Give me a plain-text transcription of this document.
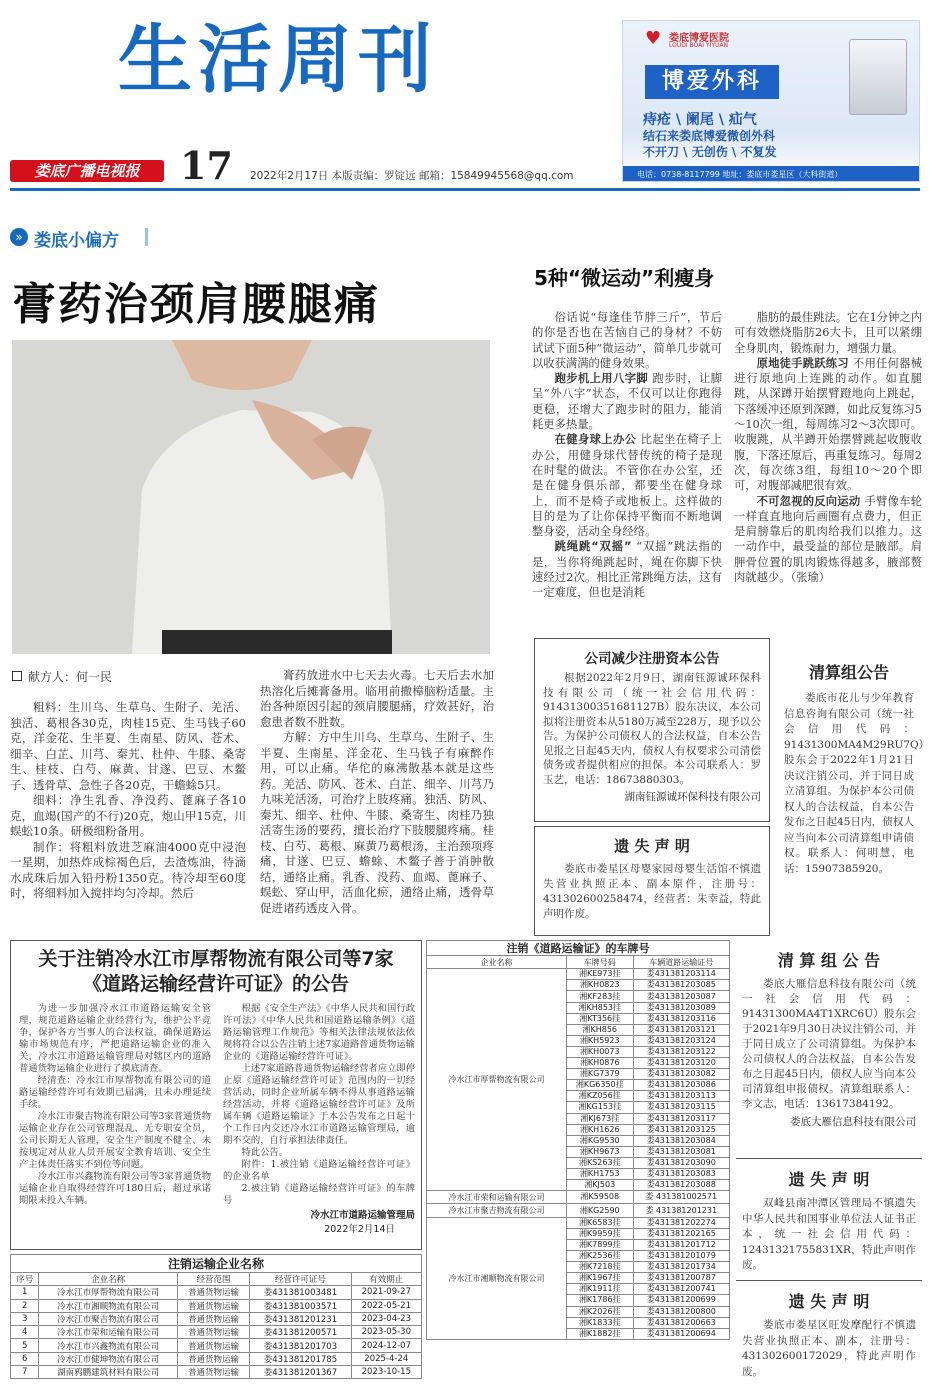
生活周刊
娄底广播电视报	17 2022年2月17日 本版责编：罗锭远 邮箱：15849945568@qq.com
娄底博爱医院
LOUDI BOAI YIYUAN
♥
博爱外科
痔疮 \ 阑尾 \ 疝气
结石来娄底博爱微创外科
不开刀 \ 无创伤 \ 不复发
电话：0738-8117799 地址：娄底市娄星区（大科街道）
» 娄底小偏方
膏药治颈肩腰腿痛
献方人：何一民

粗料：生川乌、生草乌、生附子、羌活、独活、葛根各30克，肉桂15克、生马钱子60克，洋金花、生半夏、生南星、防风、苍术、细辛、白芷、川芎、秦艽、杜仲、牛膝、桑寄生、桂枝、白芍、麻黄、甘遂、巴豆、木鳖子、透骨草、急性子各20克，干蟾蜍5只。

细料：净生乳香、净没药、蓖麻子各10克，血竭(国产的不行)20克，炮山甲15克，川蜈蚣10条。研极细粉备用。

制作：将粗料放进芝麻油4000克中浸泡一星期，加热炸成棕褐色后，去渣炼油，待滴水成珠后加入铅丹粉1350克。待冷却至60度时，将细料加入搅拌均匀冷却。然后

膏药放进水中七天去火毒。七天后去水加热溶化后摊膏备用。临用前撒樟脑粉适量。主治各种原因引起的颈肩腰腿痛，疗效甚好，治愈患者数不胜数。

方解：方中生川乌、生草乌、生附子、生半夏、生南星、洋金花、生马钱子有麻醉作用，可以止痛。华佗的麻沸散基本就是这些药。羌活、防风、苍术、白芷、细辛、川芎乃九味羌活汤，可治疗上肢疼痛。独活、防风、秦艽、细辛、杜仲、牛膝、桑寄生、肉桂乃独活寄生汤的要药，擅长治疗下肢腰腿疼痛。桂枝、白芍、葛根、麻黄乃葛根汤，主治颈项疼痛，甘遂、巴豆、蟾蜍、木鳖子善于消肿散结，通络止痛。乳香、没药、血竭、蓖麻子、蜈蚣、穿山甲，活血化瘀，通络止痛，透骨草促进诸药透皮入骨。

5种“微运动”利瘦身

俗话说“每逢佳节胖三斤”，节后的你是否也在苦恼自己的身材？不妨试试下面5种“微运动”，简单几步就可以收获满满的健身效果。

跑步机上用八字脚 跑步时，让脚呈“外八字”状态，不仅可以让你跑得更稳，还增大了跑步时的阻力，能消耗更多热量。

在健身球上办公 比起坐在椅子上办公，用健身球代替传统的椅子是现在时髦的做法。不管你在办公室，还是在健身俱乐部，都要坐在健身球上，而不是椅子或地板上。这样做的目的是为了让你保持平衡而不断地调整身姿，活动全身经络。

跳绳跳“双摇” “双摇”跳法指的是，当你将绳跳起时，绳在你脚下快速经过2次。相比正常跳绳方法，这有一定难度，但也是消耗

脂肪的最佳跳法。它在1分钟之内可有效燃烧脂肪26大卡，且可以紧绷全身肌肉，锻炼耐力，增强力量。

原地徒手跳跃练习 不用任何器械进行原地向上连跳的动作。如直腿跳，从深蹲开始摆臂蹬地向上跳起，下落缓冲还原到深蹲，如此反复练习5～10次一组，每周练习2～3次即可。收腹跳，从半蹲开始摆臂跳起收腹收腹，下落还原后，再重复练习。每周2次，每次练3组，每组10～20个即可，对腹部减肥很有效。

不可忽视的反向运动 手臂像车轮一样直直地向后画圈有点费力，但正是肩膀靠后的肌肉给我们以推力。这一动作中，最受益的部位是腋部。肩胛骨位置的肌肉锻炼得越多，腋部赘肉就越少。（张瑜）

公司减少注册资本公告

根据2022年2月9日，湖南钰源诚环保科技有限公司（统一社会信用代码：91431300351681127B）股东决议，本公司拟将注册资本从5180万减至228万，现予以公告。为保护公司债权人的合法权益，自本公告见报之日起45天内，债权人有权要求公司清偿债务或者提供相应的担保。本公司联系人：罗玉艺，电话：18673880303。

湖南钰源诚环保科技有限公司
遗 失 声 明

娄底市娄星区母婴家园母婴生活馆不慎遗失营业执照正本、副本原件，注册号：431302600258474，经营者：朱幸益，特此声明作废。

清算组公告

娄底市花儿与少年教育信息咨询有限公司（统一社会信用代码：91431300MA4M29RU7Q）股东会于2022年1月21日决议注销公司，并于同日成立清算组。为保护本公司债权人的合法权益，自本公告发布之日起45日内，债权人应当向本公司清算组申请债权。联系人：何明慧，电话：15907385920。

关于注销冷水江市厚帮物流有限公司等7家《道路运输经营许可证》的公告

为进一步加强冷水江市道路运输安全管理，规范道路运输企业经营行为，维护公平竞争，保护各方当事人的合法权益，确保道路运输市场规范有序，严把道路运输企业的准入关，冷水江市道路运输管理局对辖区内的道路普通货物运输企业进行了摸底清查。

经清查：冷水江市厚帮物流有限公司的道路运输经营许可有效期已届满，且未办理延续手续。

冷水江市聚吉物流有限公司等3家普通货物运输企业存在公司管理混乱、无专职安全员，公司长期无人管理，安全生产制度不健全、未按规定对从业人员开展安全教育培训、安全生产主体责任落实不到位等问题。

冷水江市兴鑫物流有限公司等3家普通货物运输企业自取得经营许可180日后，超过承诺期限未投入车辆。

根据《安全生产法》《中华人民共和国行政许可法》《中华人民共和国道路运输条例》《道路运输管理工作规范》等相关法律法规依法依规将符合以公告注销上述7家道路普通货物运输企业的《道路运输经营许可证》。

上述7家道路普通货物运输经营者应立即停止原《道路运输经营许可证》范围内的一切经营活动，同时企业所属车辆不得从事道路运输经营活动，并将《道路运输经营许可证》及所属车辆《道路运输证》于本公告发布之日起十个工作日内交还冷水江市道路运输管理局，逾期不交的，自行承担法律责任。

特此公告。

附件：1.被注销《道路运输经营许可证》的企业名单

2.被注销《道路运输经营许可证》的车牌号

冷水江市道路运输管理局
2022年2月14日
注销运输企业名称
序号	企业名称	经营范围	经营许可证号	有效期止
1	冷水江市厚帮物流有限公司	普通货物运输	娄431381003481	2021-09-27
2	冷水江市湘顺物流有限公司	普通货物运输	娄431381003571	2022-05-21
3	冷水江市聚吉物流有限公司	普通货物运输	娄431381201231	2023-04-23
4	冷水江市荣和运输有限公司	普通货物运输	娄431381200571	2023-05-30
5	冷水江市兴鑫物流有限公司	普通货物运输	娄431381201703	2024-12-07
6	冷水江市健坤物流有限公司	普通货物运输	娄431381201785	2025-4-24
7	湖南鸦鹏建筑材料有限公司	普通货物运输	娄431381201367	2023-10-15
注销《道路运输证》的车牌号
企业名称	车牌号码	车辆道路运输证号
冷水江市厚帮物流有限公司	湘KE973挂	娄431381203114
	湘KH0823	娄431381203085
	湘KF283挂	娄431381203087
	湘KH853挂	娄431381203089
	湘KT356挂	娄431381203116
	湘KH856	娄431381203121
	湘KH5923	娄431381203124
	湘KH0073	娄431381203122
	湘KH0876	娄431381203120
	湘KG7379	娄431381203082
	湘KG6350挂	娄431381203086
	湘KZ056挂	娄431381203113
	湘KG153挂	娄431381203115
	湘KJ673挂	娄431381203117
	湘KH1626	娄431381203125
	湘KG9530	娄431381203084
	湘KH9673	娄431381203081
	湘KS263挂	娄431381203090
	湘KH1753	娄431381203083
	湘KJ503	娄431381203088
冷水江市荣和运输有限公司	湘K59508	娄 431381002571
冷水江市聚吉物流有限公司	湘KG2590	娄 431381201231
冷水江市湘顺物流有限公司	湘K6583挂	娄431381202274
	湘K9959挂	娄431381202165
	湘K7899挂	娄431381201712
	湘K2536挂	娄431381201079
	湘K7218挂	娄431381201734
	湘K1967挂	娄431381200787
	湘K1911挂	娄431381200741
	湘K1786挂	娄431381200699
	湘K2026挂	娄431381200800
	湘K1833挂	娄431381200663
	湘K1882挂	娄431381200694
清 算 组 公 告

娄底大雁信息科技有限公司（统一社会信用代码：91431300MA4T1XRC6U）股东会于2021年9月30日决议注销公司，并于同日成立了公司清算组。为保护本公司债权人的合法权益，自本公告发布之日起45日内，债权人应当向本公司清算组申报债权。清算组联系人：李文志，电话：13617384192。

娄底大雁信息科技有限公司
遗 失 声 明

双峰县南冲潭区管理局不慎遗失中华人民共和国事业单位法人证书正本，统一社会信用代码：12431321755831XR，特此声明作废。

遗 失 声 明

娄底市娄星区旺发摩配行不慎遗失营业执照正本、副本，注册号：431302600172029，特此声明作废。
